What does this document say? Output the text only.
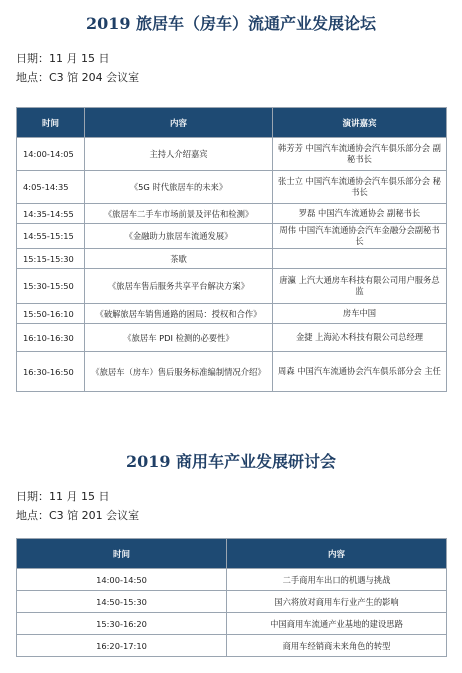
2019 旅居车（房车）流通产业发展论坛
日期：11 月 15 日
地点：C3 馆 204 会议室
时间	内容	演讲嘉宾
14:00-14:05	主持人介绍嘉宾	韩芳芳 中国汽车流通协会汽车俱乐部分会 副秘书长
4:05-14:35	《5G 时代旅居车的未来》	张士立 中国汽车流通协会汽车俱乐部分会 秘书长
14:35-14:55	《旅居车二手车市场前景及评估和检测》	罗磊 中国汽车流通协会 副秘书长
14:55-15:15	《金融助力旅居车流通发展》	周伟 中国汽车流通协会汽车金融分会副秘书长
15:15-15:30	茶歇	
15:30-15:50	《旅居车售后服务共享平台解决方案》	唐瀛 上汽大通房车科技有限公司用户服务总监
15:50-16:10	《破解旅居车销售通路的困局：授权和合作》	房车中国
16:10-16:30	《旅居车 PDI 检测的必要性》	金捷 上海沁木科技有限公司总经理
16:30-16:50	《旅居车（房车）售后服务标准编制情况介绍》	周森 中国汽车流通协会汽车俱乐部分会 主任
2019 商用车产业发展研讨会
日期：11 月 15 日
地点：C3 馆 201 会议室
时间	内容
14:00-14:50	二手商用车出口的机遇与挑战
14:50-15:30	国六将放对商用车行业产生的影响
15:30-16:20	中国商用车流通产业基地的建设思路
16:20-17:10	商用车经销商未来角色的转型
